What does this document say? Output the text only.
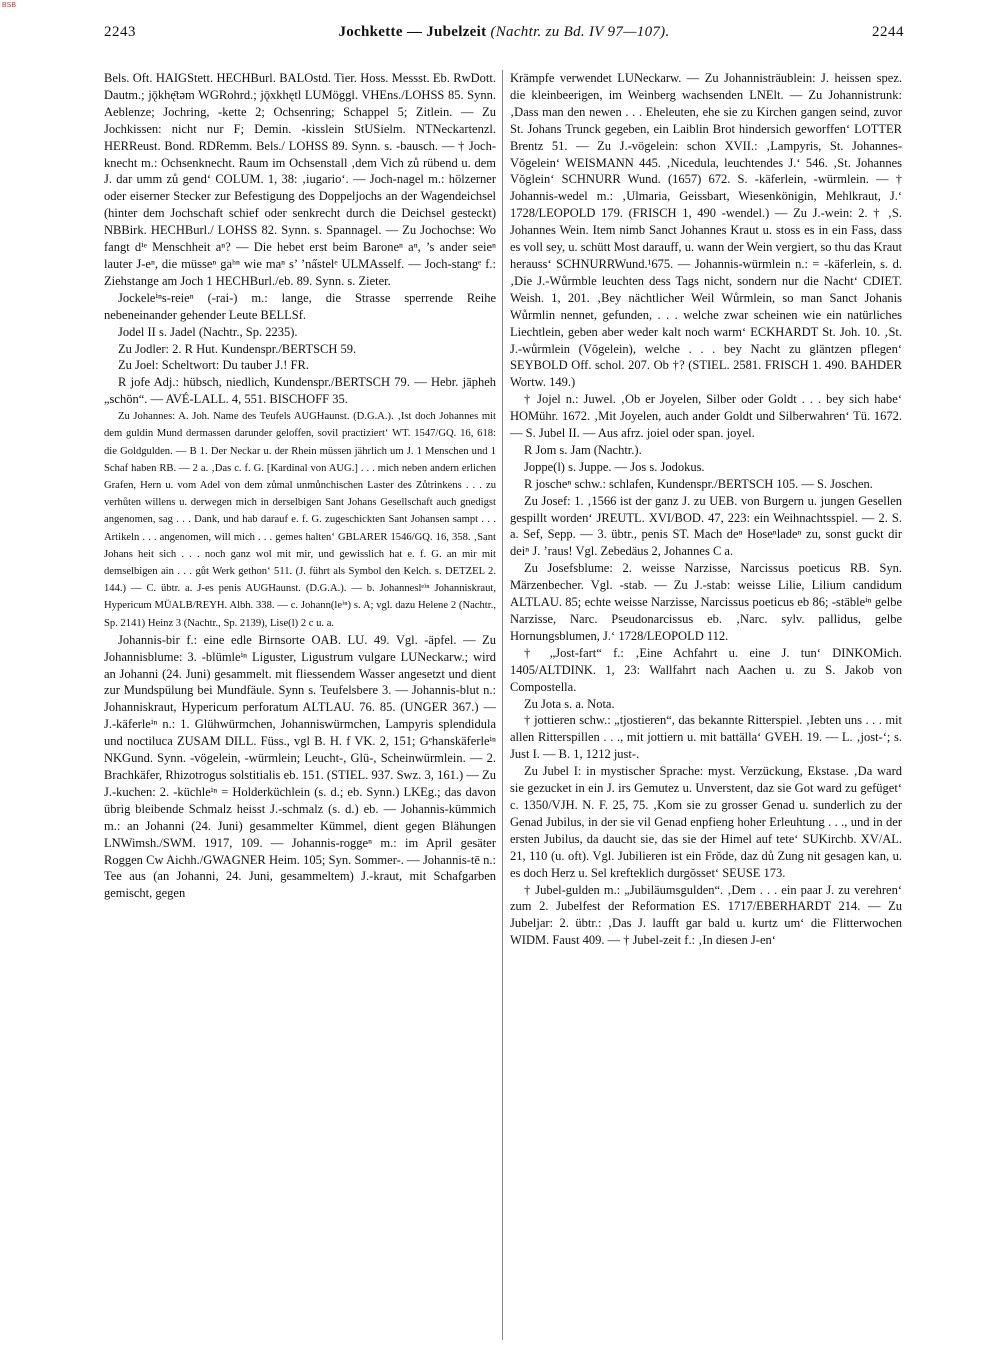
BSB
2243	Jochkette — Jubelzeit (Nachtr. zu Bd. IV 97—107).	2244

Bels. Oft. HAIGStett. HECHBurl. BALOstd. Tier. Hoss. Messst. Eb. RwDott. Dautm.; jǭkhę̄təm WGRohrd.; jǭxkhętl LUMöggl. VHEns./LOHSS 85. Synn. Aeblenze; Jochring, -kette 2; Ochsenring; Schappel 5; Zitlein. — Zu Jochkissen: nicht nur F; Demin. -kisslein StUSielm. NTNeckartenzl. HERReust. Bond. RDRemm. Bels./ LOHSS 89. Synn. s. -bausch. — † Joch-knecht m.: Ochsenknecht. Raum im Ochsenstall ‚dem Vich zů rübend u. dem J. dar umm zů gend‘ COLUM. 1, 38: ‚iugario‘. — Joch-nagel m.: hölzerner oder eiserner Stecker zur Befestigung des Doppeljochs an der Wagendeichsel (hinter dem Jochschaft schief oder senkrecht durch die Deichsel gesteckt) NBBirk. HECHBurl./ LOHSS 82. Synn. s. Spannagel. — Zu Jochochse: Wo fangt dⁱᵉ Menschheit aⁿ? — Die hebet erst beim Baroneⁿ aⁿ, ’s ander seieⁿ lauter J-eⁿ, die müsseⁿ gaʰⁿ wie maⁿ s’ ’na̋stelᵉ ULMAsself. — Joch-stangᵉ f.: Ziehstange am Joch 1 HECHBurl./eb. 89. Synn. s. Zieter.

Jockeleⁱⁿs-reieⁿ (-rai-) m.: lange, die Strasse sperrende Reihe nebeneinander gehender Leute BELLSf.

Jodel II s. Jadel (Nachtr., Sp. 2235).

Zu Jodler: 2. R Hut. Kundenspr./BERTSCH 59.

Zu Joel: Scheltwort: Du tauber J.! FR.

R jofe Adj.: hübsch, niedlich, Kundenspr./BERTSCH 79. — Hebr. jāpheh „schön“. — AVÉ-LALL. 4, 551. BISCHOFF 35.

Zu Johannes: A. Joh. Name des Teufels AUGHaunst. (D.G.A.). ‚Ist doch Johannes mit dem guldin Mund dermassen darunder geloffen, sovil practiziert‘ WT. 1547/GQ. 16, 618: die Goldgulden. — B 1. Der Neckar u. der Rhein müssen jährlich um J. 1 Menschen und 1 Schaf haben RB. — 2 a. ‚Das c. f. G. [Kardinal von AUG.] . . . mich neben andern erlichen Grafen, Hern u. vom Adel von dem zůmal unmůnchischen Laster des Zůtrinkens . . . zu verhůten willens u. derwegen mich in derselbigen Sant Johans Gesellschaft auch gnedigst angenomen, sag . . . Dank, und hab darauf e. f. G. zugeschickten Sant Johansen sampt . . . Artikeln . . . angenomen, will mich . . . gemes halten‘ GBLARER 1546/GQ. 16, 358. ‚Sant Johans heit sich . . . noch ganz wol mit mir, und gewisslich hat e. f. G. an mir mit demselbigen ain . . . gůt Werk gethon‘ 511. (J. führt als Symbol den Kelch. s. DETZEL 2. 144.) — C. übtr. a. J-es penis AUGHaunst. (D.G.A.). — b. Johanneslᵉⁱⁿ Johanniskraut, Hypericum MÜALB/REYH. Albh. 338. — c. Johann(leⁱⁿ) s. A; vgl. dazu Helene 2 (Nachtr., Sp. 2141) Heinz 3 (Nachtr., Sp. 2139), Lise(l) 2 c u. a.

Johannis-bir f.: eine edle Birnsorte OAB. LU. 49. Vgl. -äpfel. — Zu Johannisblume: 3. -blümleⁱⁿ Liguster, Ligustrum vulgare LUNeckarw.; wird an Johanni (24. Juni) gesammelt. mit fliessendem Wasser angesetzt und dient zur Mundspülung bei Mundfäule. Synn s. Teufelsbere 3. — Johannis-blut n.: Johanniskraut, Hypericum perforatum ALTLAU. 76. 85. (UNGER 367.) — J.-käferleⁱⁿ n.: 1. Glühwürmchen, Johanniswürmchen, Lampyris splendidula und noctiluca ZUSAM DILL. Füss., vgl B. H. f VK. 2, 151; Gᵉhanskäferleⁱⁿ NKGund. Synn. -vögelein, -würmlein; Leucht-, Glü-, Scheinwürmlein. — 2. Brachkäfer, Rhizotrogus solstitialis eb. 151. (STIEL. 937. Swz. 3, 161.) — Zu J.-kuchen: 2. -küchleⁱⁿ = Holderküchlein (s. d.; eb. Synn.) LKEg.; das davon übrig bleibende Schmalz heisst J.-schmalz (s. d.) eb. — Johannis-kümmich m.: an Johanni (24. Juni) gesammelter Kümmel, dient gegen Blähungen LNWimsh./SWM. 1917, 109. — Johannis-roggeⁿ m.: im April gesäter Roggen Cw Aichh./GWAGNER Heim. 105; Syn. Sommer-. — Johannis-tē n.: Tee aus (an Johanni, 24. Juni, gesammeltem) J.-kraut, mit Schafgarben gemischt, gegen

Krämpfe verwendet LUNeckarw. — Zu Johannisträublein: J. heissen spez. die kleinbeerigen, im Weinberg wachsenden LNElt. — Zu Johannistrunk: ‚Dass man den newen . . . Eheleuten, ehe sie zu Kirchen gangen seind, zuvor St. Johans Trunck gegeben, ein Laiblin Brot hindersich geworffen‘ LOTTER Brentz 51. — Zu J.-vögelein: schon XVII.: ‚Lampyris, St. Johannes-Vŏgelein‘ WEISMANN 445. ‚Nicedula, leuchtendes J.‘ 546. ‚St. Johannes Vŏglein‘ SCHNURR Wund. (1657) 672. S. -käferlein, -würmlein. — † Johannis-wedel m.: ‚Ulmaria, Geissbart, Wiesenkönigin, Mehlkraut, J.‘ 1728/LEOPOLD 179. (FRISCH 1, 490 -wendel.) — Zu J.-wein: 2. † ‚S. Johannes Wein. Item nimb Sanct Johannes Kraut u. stoss es in ein Fass, dass es voll sey, u. schütt Most darauff, u. wann der Wein vergiert, so thu das Kraut herauss‘ SCHNURRWund.¹675. — Johannis-würmlein n.: = -käferlein, s. d. ‚Die J.-Wůrmble leuchten dess Tags nicht, sondern nur die Nacht‘ CDIET. Weish. 1, 201. ‚Bey nächtlicher Weil Wůrmlein, so man Sanct Johanis Wůrmlin nennet, gefunden, . . . welche zwar scheinen wie ein natürliches Liechtlein, geben aber weder kalt noch warm‘ ECKHARDT St. Joh. 10. ‚St. J.-wůrmlein (Vŏgelein), welche . . . bey Nacht zu gläntzen pflegen‘ SEYBOLD Off. schol. 207. Ob †? (STIEL. 2581. FRISCH 1. 490. BAHDER Wortw. 149.)

† Jojel n.: Juwel. ‚Ob er Joyelen, Silber oder Goldt . . . bey sich habe‘ HOMühr. 1672. ‚Mit Joyelen, auch ander Goldt und Silberwahren‘ Tü. 1672. — S. Jubel II. — Aus afrz. joiel oder span. joyel.

R Jom s. Jam (Nachtr.).

Joppe(l) s. Juppe. — Jos s. Jodokus.

R joscheⁿ schw.: schlafen, Kundenspr./BERTSCH 105. — S. Joschen.

Zu Josef: 1. ‚1566 ist der ganz J. zu UEB. von Burgern u. jungen Gesellen gespillt worden‘ JREUTL. XVI/BOD. 47, 223: ein Weihnachtsspiel. — 2. S. a. Sef, Sepp. — 3. übtr., penis ST. Mach deⁿ Hoseⁿladeⁿ zu, sonst guckt dir deiⁿ J. ’raus! Vgl. Zebedäus 2, Johannes C a.

Zu Josefsblume: 2. weisse Narzisse, Narcissus poeticus RB. Syn. Märzenbecher. Vgl. -stab. — Zu J.-stab: weisse Lilie, Lilium candidum ALTLAU. 85; echte weisse Narzisse, Narcissus poeticus eb 86; -stäbleⁱⁿ gelbe Narzisse, Narc. Pseudonarcissus eb. ‚Narc. sylv. pallidus, gelbe Hornungsblumen, J.‘ 1728/LEOPOLD 112.

† „Jost-fart“ f.: ‚Eine Achfahrt u. eine J. tun‘ DINKOMich. 1405/ALTDINK. 1, 23: Wallfahrt nach Aachen u. zu S. Jakob von Compostella.

Zu Jota s. a. Nota.

† jottieren schw.: „tjostieren“, das bekannte Ritterspiel. ‚Iebten uns . . . mit allen Ritterspillen . . ., mit jottiern u. mit battälla‘ GVEH. 19. — L. ‚jost-‘; s. Just I. — B. 1, 1212 just-.

Zu Jubel I: in mystischer Sprache: myst. Verzückung, Ekstase. ‚Da ward sie gezucket in ein J. irs Gemutez u. Unverstent, daz sie Got ward zu gefüget‘ c. 1350/VJH. N. F. 25, 75. ‚Kom sie zu grosser Genad u. sunderlich zu der Genad Jubilus, in der sie vil Genad enpfieng hoher Erleuhtung . . ., und in der ersten Jubilus, da daucht sie, das sie der Himel auf tete‘ SUKirchb. XV/AL. 21, 110 (u. oft). Vgl. Jubilieren ist ein Frŏde, daz dů Zung nit gesagen kan, u. es doch Herz u. Sel krefteklich durgŏsset‘ SEUSE 173.

† Jubel-gulden m.: „Jubiläumsgulden“. ‚Dem . . . ein paar J. zu verehren‘ zum 2. Jubelfest der Reformation ES. 1717/EBERHARDT 214. — Zu Jubeljar: 2. übtr.: ‚Das J. laufft gar bald u. kurtz um‘ die Flitterwochen WIDM. Faust 409. — † Jubel-zeit f.: ‚In diesen J-en‘
